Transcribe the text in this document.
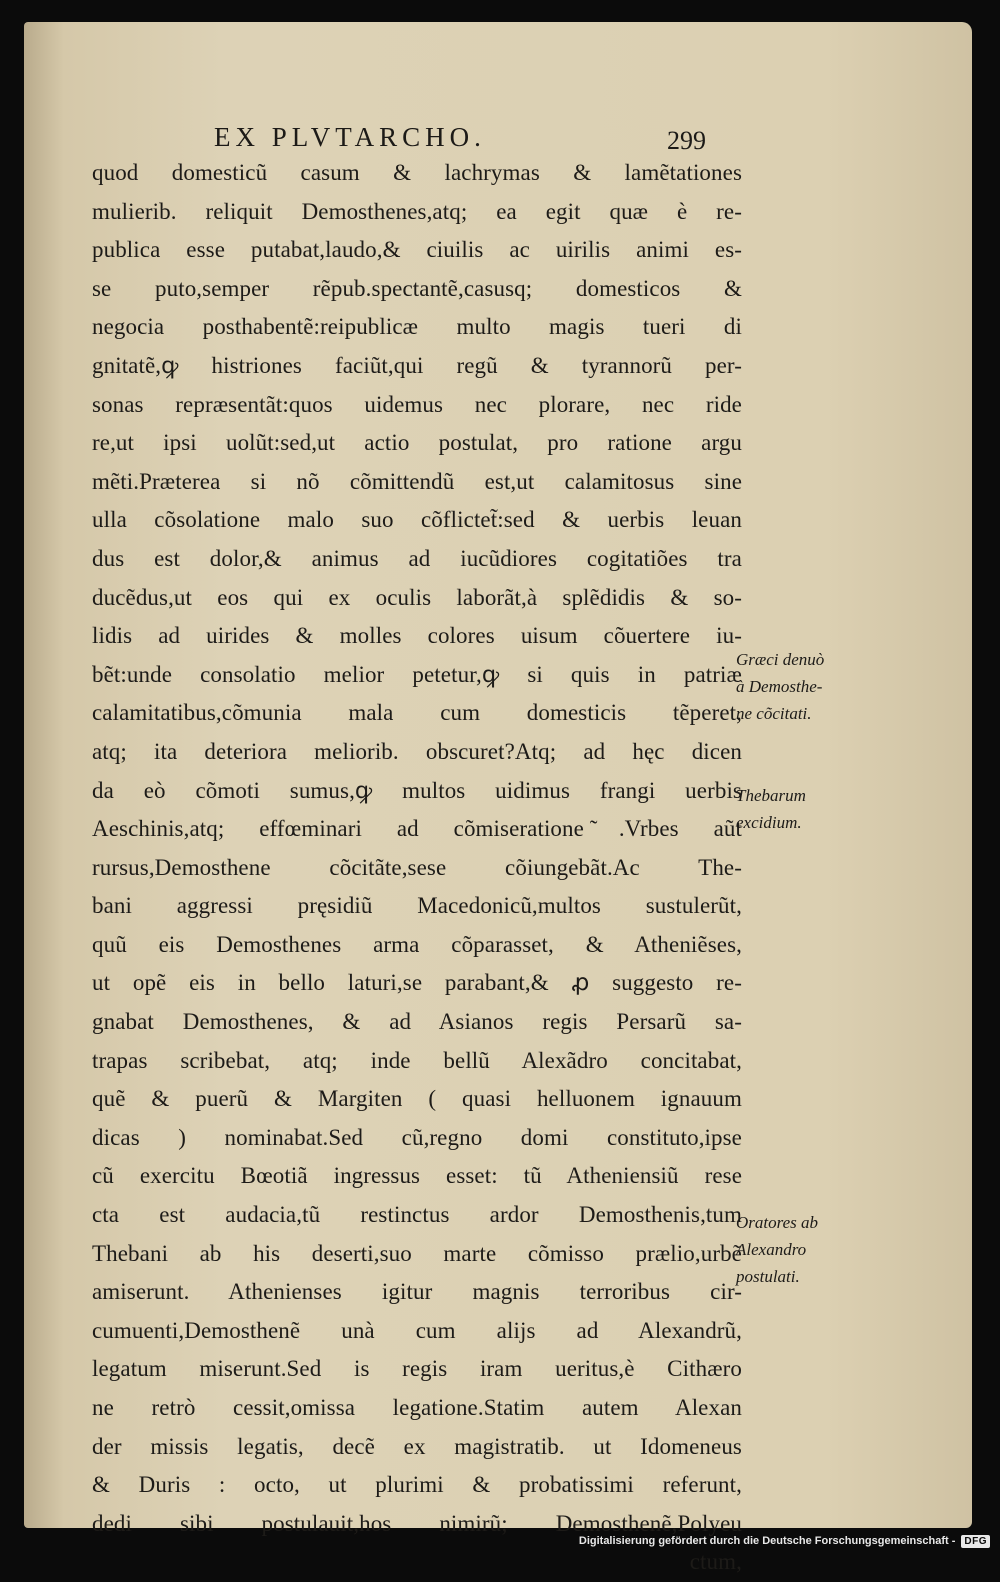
EX PLVTARCHO.	299
quod domesticũ casum & lachrymas & lamẽtationes
mulierib. reliquit Demosthenes,atq; ea egit quæ è re-
publica esse putabat,laudo,& ciuilis ac uirilis animi es-
se puto,semper rẽpub.spectantẽ,casusq; domesticos &
negocia posthabentẽ:reipublicæ multo magis tueri di
gnitatẽ,ꝙ histriones faciũt,qui regũ & tyrannorũ per-
sonas repræsentãt:quos uidemus nec plorare, nec ride
re,ut ipsi uolũt:sed,ut actio postulat, pro ratione argu
mẽti.Præterea si nõ cõmittendũ est,ut calamitosus sine
ulla cõsolatione malo suo cõflictet̃:sed & uerbis leuan
dus est dolor,& animus ad iucũdiores cogitatiões tra
ducẽdus,ut eos qui ex oculis laborãt,à splẽdidis & so-
lidis ad uirides & molles colores uisum cõuertere iu-
bẽt:unde consolatio melior petetur,ꝙ si quis in patriæ
calamitatibus,cõmunia mala cum domesticis tẽperet,
atq; ita deteriora meliorib. obscuret?Atq; ad hęc dicen
da eò cõmoti sumus,ꝙ multos uidimus frangi uerbis
Aeschinis,atq; effœminari ad cõmiseratione ̃.Vrbes aũt
rursus,Demosthene cõcitãte,sese cõiungebãt.Ac The-
bani aggressi pręsidiũ Macedonicũ,multos sustulerũt,
quũ eis Demosthenes arma cõparasset, & Atheniẽses,
ut opẽ eis in bello laturi,se parabant,& ꝓ suggesto re-
gnabat Demosthenes, & ad Asianos regis Persarũ sa-
trapas scribebat, atq; inde bellũ Alexãdro concitabat,
quẽ & puerũ & Margiten ( quasi helluonem ignauum
dicas ) nominabat.Sed cũ,regno domi constituto,ipse
cũ exercitu Bœotiã ingressus esset: tũ Atheniensiũ rese
cta est audacia,tũ restinctus ardor Demosthenis,tum
Thebani ab his deserti,suo marte cõmisso prælio,urbẽ
amiserunt. Athenienses igitur magnis terroribus cir-
cumuenti,Demosthenẽ unà cum alijs ad Alexandrũ,
legatum miserunt.Sed is regis iram ueritus,è Cithæro
ne retrò cessit,omissa legatione.Statim autem Alexan
der missis legatis, decẽ ex magistratib. ut Idomeneus
& Duris : octo, ut plurimi & probatissimi referunt,
dedi sibi postulauit,hos nimirũ; Demosthenẽ,Polyeu
ctum,
Græci denuò
à Demosthe-
ne cõcitati.
Thebarum
excidium.
Oratores ab
Alexandro
postulati.
Digitalisierung gefördert durch die Deutsche Forschungsgemeinschaft - DFG
